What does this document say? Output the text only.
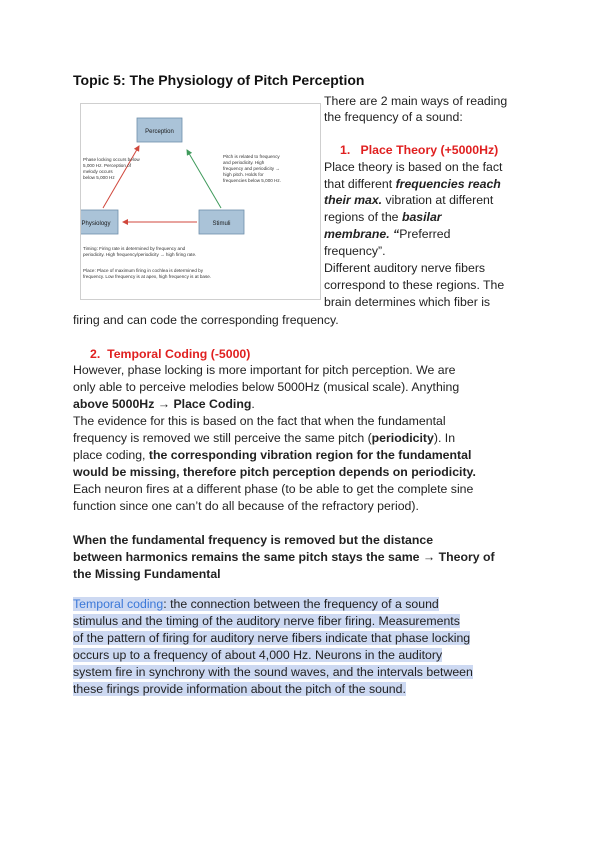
Topic 5: The Physiology of Pitch Perception
Perception
Physiology	Stimuli
Phase locking occurs below
5,000 Hz. Perception of
melody occurs
below 5,000 Hz
Pitch is related to frequency
and periodicity. High
frequency and periodicity →
high pitch. Holds for
frequencies below 5,000 Hz.
Timing: Firing rate is determined by frequency and
periodicity. High frequency/periodicity → high firing rate.
Place: Place of maximum firing in cochlea is determined by
frequency. Low frequency is at apex, high frequency is at base.
There are 2 main ways of reading
the frequency of a sound:
1. Place Theory (+5000Hz)
Place theory is based on the fact
that different frequencies reach
their max. vibration at different
regions of the basilar
membrane. “Preferred
frequency”.
Different auditory nerve fibers
correspond to these regions. The
brain determines which fiber is
firing and can code the corresponding frequency.
2. Temporal Coding (-5000)
However, phase locking is more important for pitch perception. We are
only able to perceive melodies below 5000Hz (musical scale). Anything
above 5000Hz → Place Coding.
The evidence for this is based on the fact that when the fundamental
frequency is removed we still perceive the same pitch (periodicity). In
place coding, the corresponding vibration region for the fundamental
would be missing, therefore pitch perception depends on periodicity.
Each neuron fires at a different phase (to be able to get the complete sine
function since one can’t do all because of the refractory period).
When the fundamental frequency is removed but the distance
between harmonics remains the same pitch stays the same → Theory of
the Missing Fundamental
Temporal coding: the connection between the frequency of a sound
stimulus and the timing of the auditory nerve fiber firing. Measurements
of the pattern of firing for auditory nerve fibers indicate that phase locking
occurs up to a frequency of about 4,000 Hz. Neurons in the auditory
system fire in synchrony with the sound waves, and the intervals between
these firings provide information about the pitch of the sound.
